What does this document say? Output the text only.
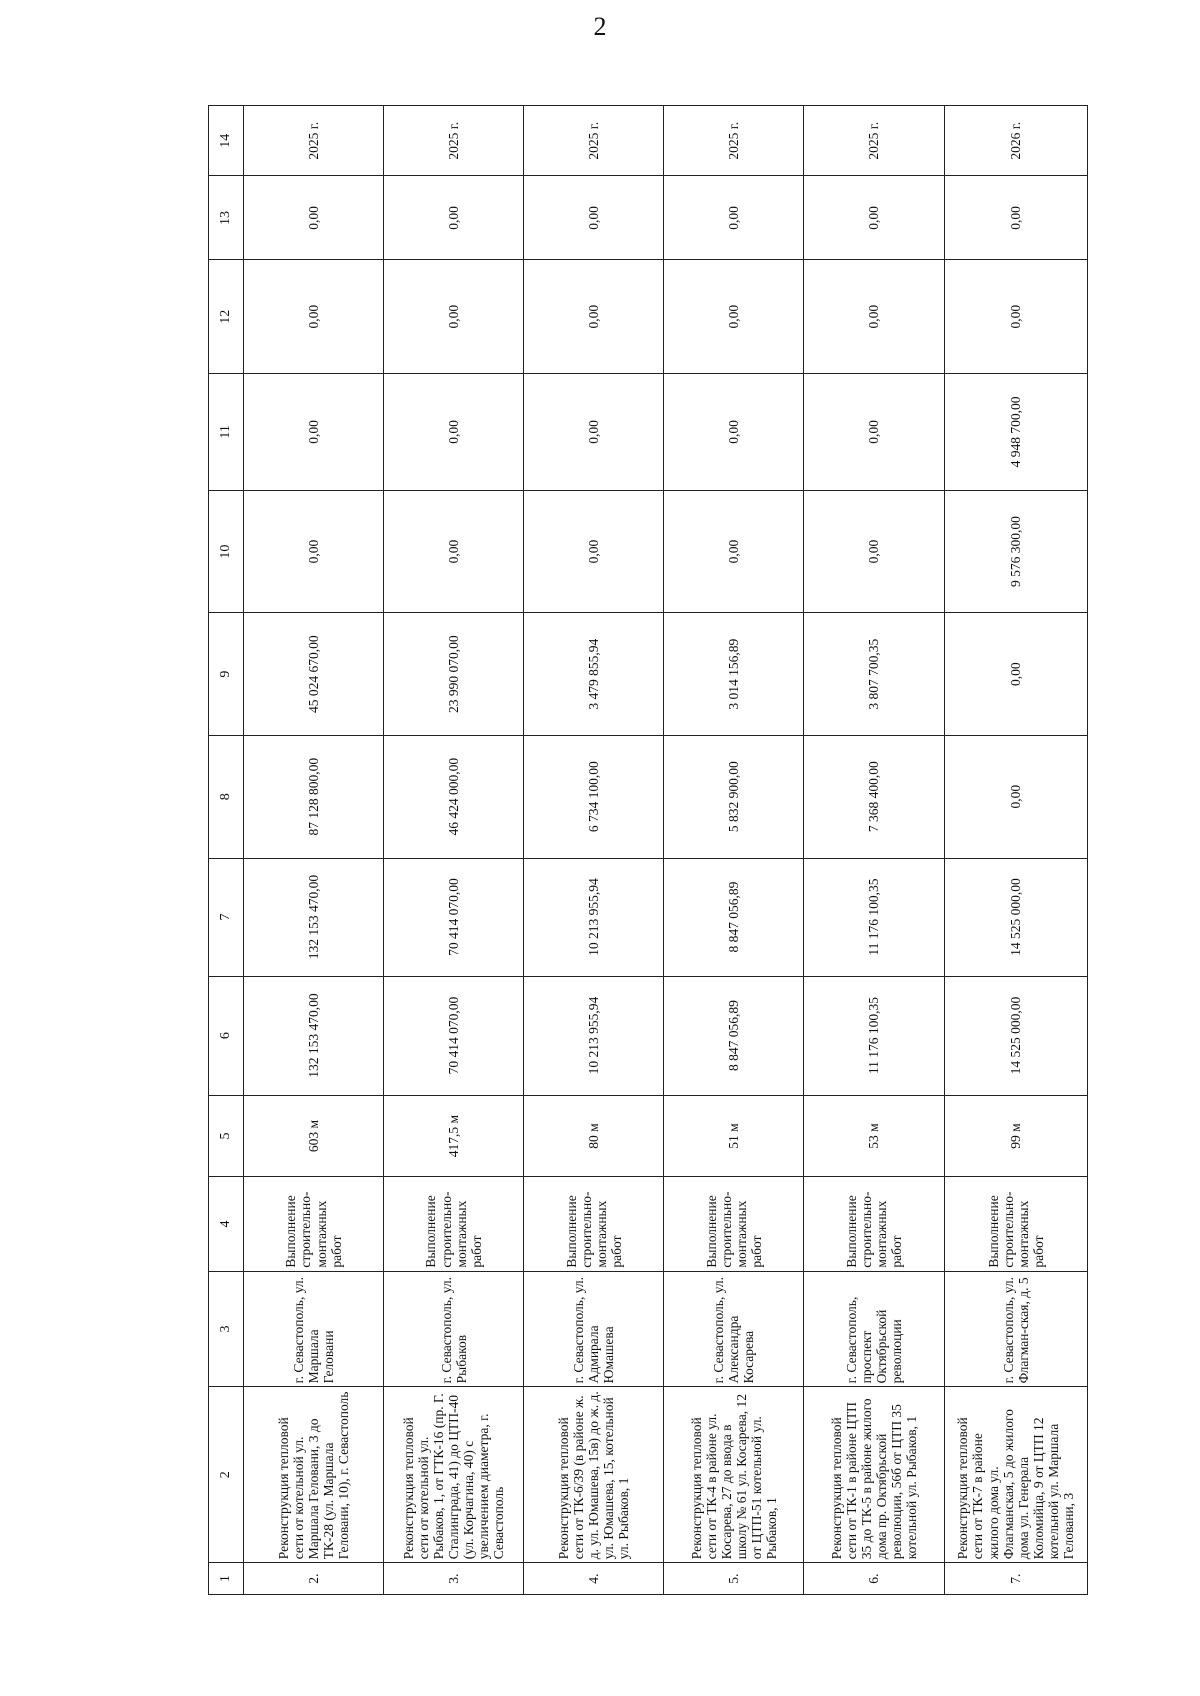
2
1	2	3	4	5	6	7	8	9	10	11	12	13	14
2.	Реконструкция тепловой сети от котельной ул. Маршала Геловани, 3 до ТК-28 (ул. Маршала Геловани, 10), г. Севастополь	г. Севастополь, ул. Маршала Геловани	Выполнение строительно-монтажных работ	603 м	132 153 470,00	132 153 470,00	87 128 800,00	45 024 670,00	0,00	0,00	0,00	0,00	2025 г.
3.	Реконструкция тепловой сети от котельной ул. Рыбаков, 1, от ГТК-16 (пр. Г. Сталинграда, 41) до ЦТП-40 (ул. Корчагина, 40) с увеличением диаметра, г. Севастополь	г. Севастополь, ул. Рыбаков	Выполнение строительно-монтажных работ	417,5 м	70 414 070,00	70 414 070,00	46 424 000,00	23 990 070,00	0,00	0,00	0,00	0,00	2025 г.
4.	Реконструкция тепловой сети от ТК-6/39 (в районе ж. д. ул. Юмашева, 15в) до ж. д. ул. Юмашева, 15, котельной ул. Рыбаков, 1	г. Севастополь, ул. Адмирала Юмашева	Выполнение строительно-монтажных работ	80 м	10 213 955,94	10 213 955,94	6 734 100,00	3 479 855,94	0,00	0,00	0,00	0,00	2025 г.
5.	Реконструкция тепловой сети от ТК-4 в районе ул. Косарева, 27 до ввода в школу № 61 ул. Косарева, 12 от ЦТП-51 котельной ул. Рыбаков, 1	г. Севастополь, ул. Александра Косарева	Выполнение строительно-монтажных работ	51 м	8 847 056,89	8 847 056,89	5 832 900,00	3 014 156,89	0,00	0,00	0,00	0,00	2025 г.
6.	Реконструкция тепловой сети от ТК-1 в районе ЦТП 35 до ТК-5 в районе жилого дома пр. Октябрьской революции, 56б от ЦТП 35 котельной ул. Рыбаков, 1	г. Севастополь, проспект Октябрьской революции	Выполнение строительно-монтажных работ	53 м	11 176 100,35	11 176 100,35	7 368 400,00	3 807 700,35	0,00	0,00	0,00	0,00	2025 г.
7.	Реконструкция тепловой сети от ТК-7 в районе жилого дома ул. Флагманская, 5 до жилого дома ул. Генерала Коломийца, 9 от ЦТП 12 котельной ул. Маршала Геловани, 3	г. Севастополь, ул. Флагман-ская, д. 5	Выполнение строительно-монтажных работ	99 м	14 525 000,00	14 525 000,00	0,00	0,00	9 576 300,00	4 948 700,00	0,00	0,00	2026 г.
